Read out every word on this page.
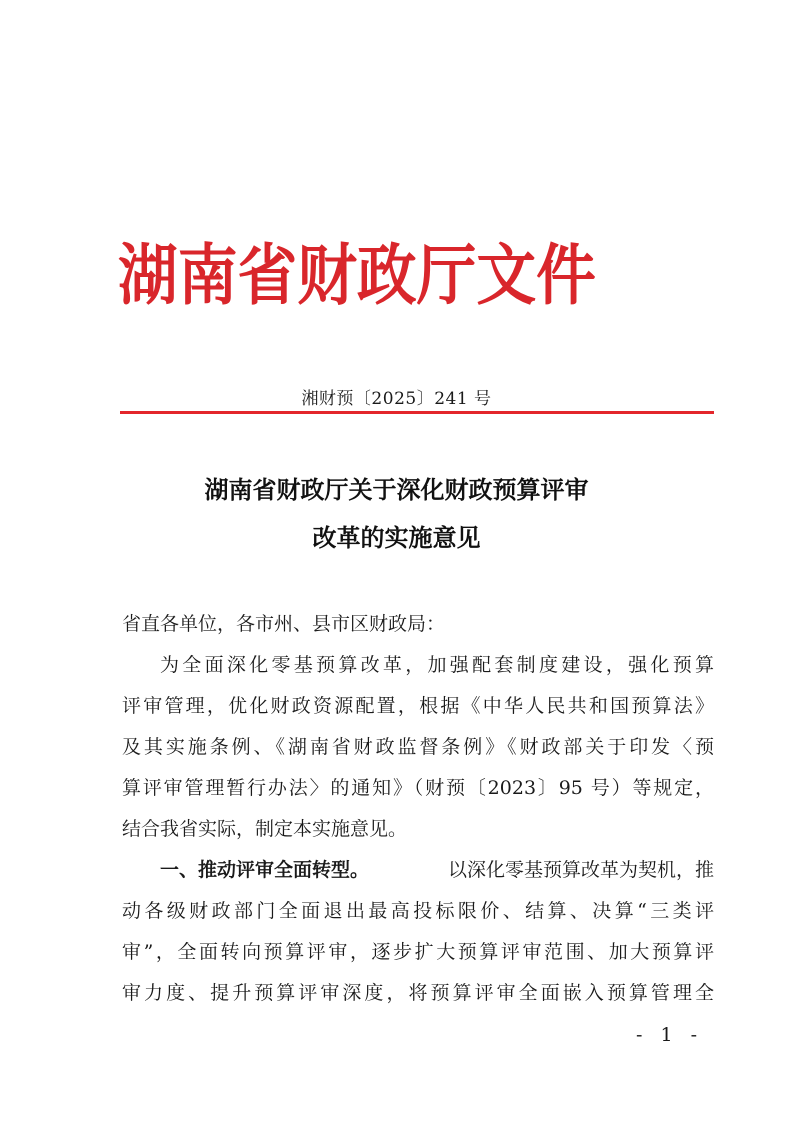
湖南省财政厅文件
湘财预〔2025〕241 号
湖南省财政厅关于深化财政预算评审
改革的实施意见
省直各单位，各市州、县市区财政局：
为全面深化零基预算改革，加强配套制度建设，强化预算
评审管理，优化财政资源配置，根据《中华人民共和国预算法》
及其实施条例、《湖南省财政监督条例》《财政部关于印发〈预
算评审管理暂行办法〉的通知》（财预〔2023〕95 号）等规定，
结合我省实际，制定本实施意见。
一、推动评审全面转型。	以深化零基预算改革为契机，推
动各级财政部门全面退出最高投标限价、结算、决算“三类评
审”，全面转向预算评审，逐步扩大预算评审范围、加大预算评
审力度、提升预算评审深度，将预算评审全面嵌入预算管理全
- 1 -
